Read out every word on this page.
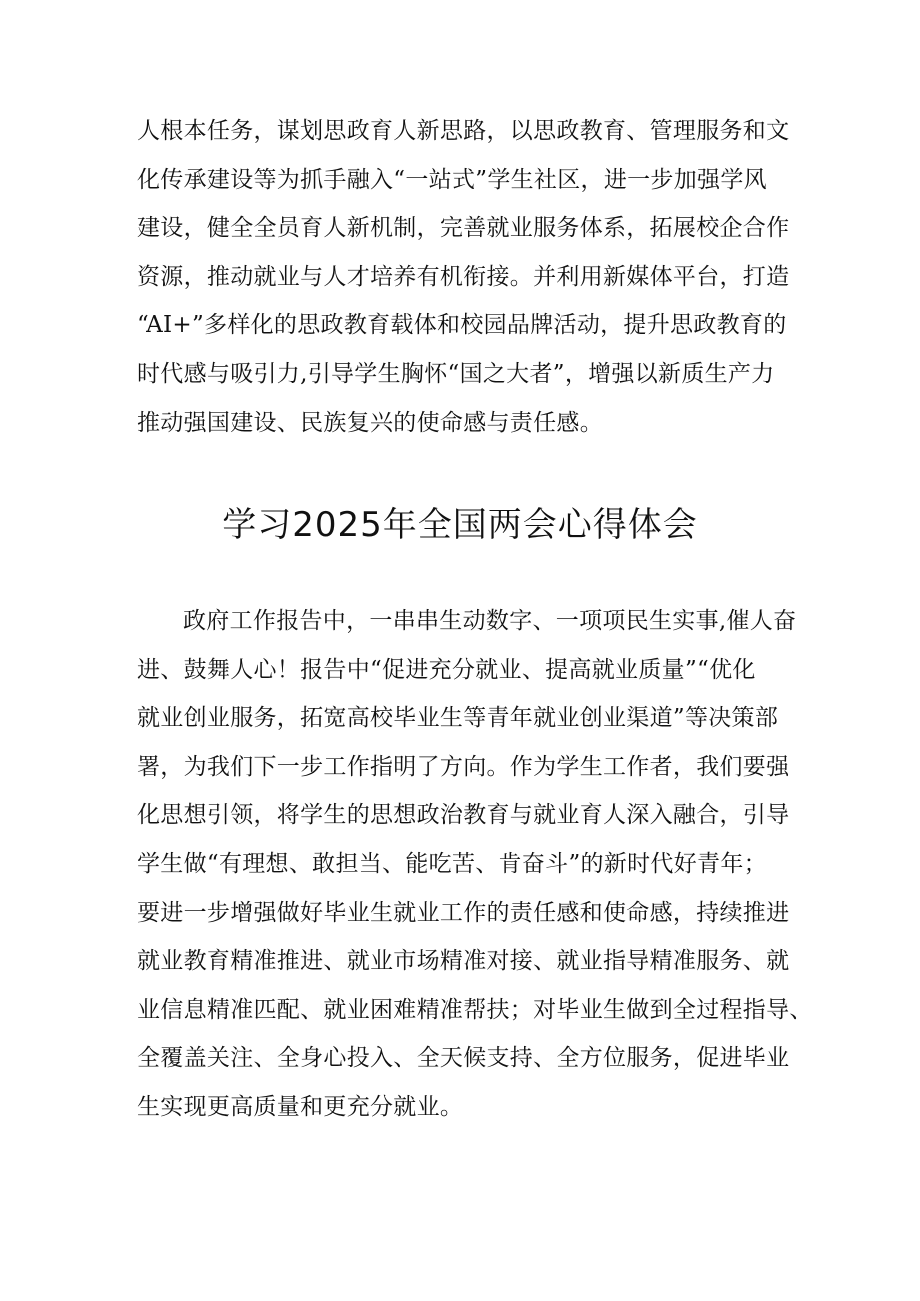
人根本任务，谋划思政育人新思路，以思政教育、管理服务和文
化传承建设等为抓手融入“一站式”学生社区，进一步加强学风
建设，健全全员育人新机制，完善就业服务体系，拓展校企合作
资源，推动就业与人才培养有机衔接。并利用新媒体平台，打造
“AI+”多样化的思政教育载体和校园品牌活动，提升思政教育的
时代感与吸引力,引导学生胸怀“国之大者”，增强以新质生产力
推动强国建设、民族复兴的使命感与责任感。
学习2025年全国两会心得体会
政府工作报告中，一串串生动数字、一项项民生实事,催人奋
进、鼓舞人心！报告中“促进充分就业、提高就业质量”“优化
就业创业服务，拓宽高校毕业生等青年就业创业渠道”等决策部
署，为我们下一步工作指明了方向。作为学生工作者，我们要强
化思想引领，将学生的思想政治教育与就业育人深入融合，引导
学生做“有理想、敢担当、能吃苦、肯奋斗”的新时代好青年；
要进一步增强做好毕业生就业工作的责任感和使命感，持续推进
就业教育精准推进、就业市场精准对接、就业指导精准服务、就
业信息精准匹配、就业困难精准帮扶；对毕业生做到全过程指导、
全覆盖关注、全身心投入、全天候支持、全方位服务，促进毕业
生实现更高质量和更充分就业。
